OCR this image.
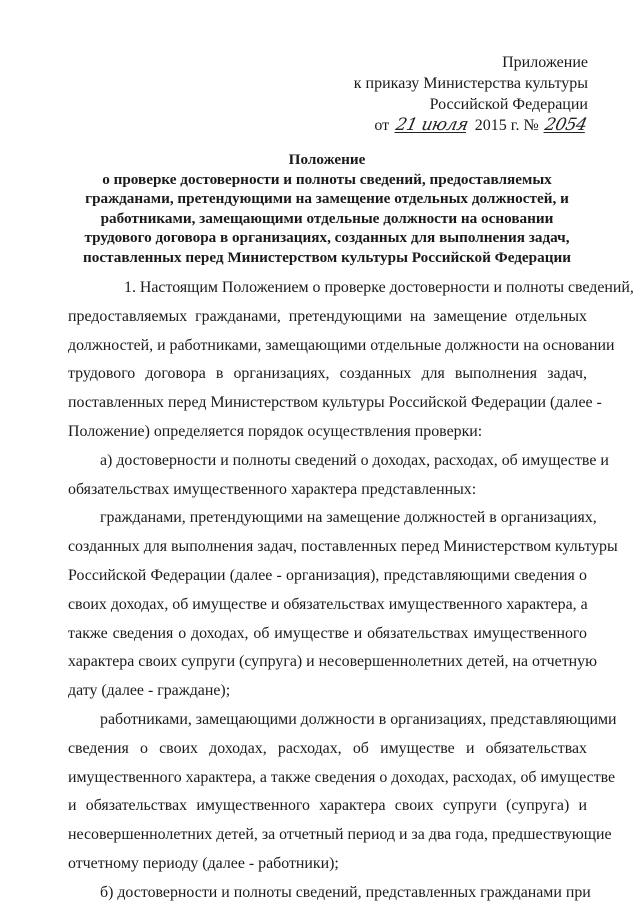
Приложение
к приказу Министерства культуры
Российской Федерации
от 21 июля 2015 г. № 2054
Положение
о проверке достоверности и полноты сведений, предоставляемых
гражданами, претендующими на замещение отдельных должностей, и
работниками, замещающими отдельные должности на основании
трудового договора в организациях, созданных для выполнения задач,
поставленных перед Министерством культуры Российской Федерации
1. Настоящим Положением о проверке достоверности и полноты сведений,
предоставляемых гражданами, претендующими на замещение отдельных
должностей, и работниками, замещающими отдельные должности на основании
трудового договора в организациях, созданных для выполнения задач,
поставленных перед Министерством культуры Российской Федерации (далее -
Положение) определяется порядок осуществления проверки:
а) достоверности и полноты сведений о доходах, расходах, об имуществе и
обязательствах имущественного характера представленных:
гражданами, претендующими на замещение должностей в организациях,
созданных для выполнения задач, поставленных перед Министерством культуры
Российской Федерации (далее - организация), представляющими сведения о
своих доходах, об имуществе и обязательствах имущественного характера, а
также сведения о доходах, об имуществе и обязательствах имущественного
характера своих супруги (супруга) и несовершеннолетних детей, на отчетную
дату (далее - граждане);
работниками, замещающими должности в организациях, представляющими
сведения о своих доходах, расходах, об имуществе и обязательствах
имущественного характера, а также сведения о доходах, расходах, об имуществе
и обязательствах имущественного характера своих супруги (супруга) и
несовершеннолетних детей, за отчетный период и за два года, предшествующие
отчетному периоду (далее - работники);
б) достоверности и полноты сведений, представленных гражданами при
